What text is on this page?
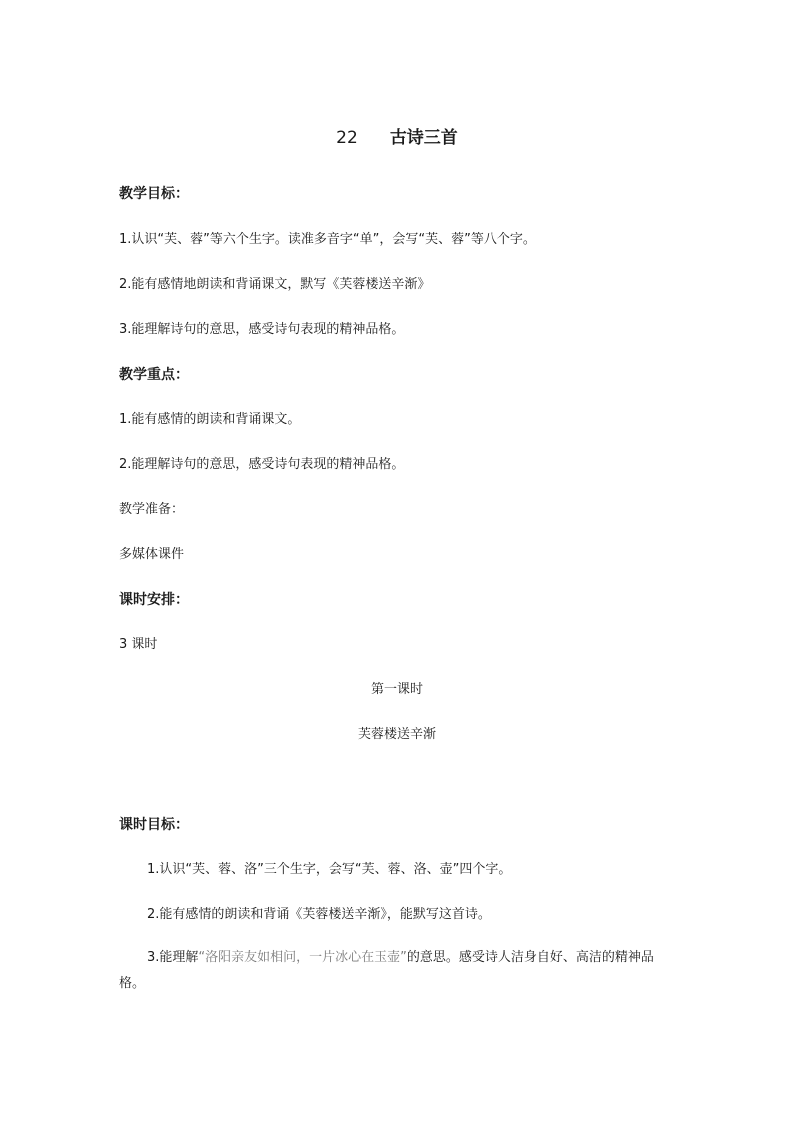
22 古诗三首
教学目标：
1.认识“芙、蓉”等六个生字。读准多音字“单”，会写“芙、蓉”等八个字。
2.能有感情地朗读和背诵课文，默写《芙蓉楼送辛渐》
3.能理解诗句的意思，感受诗句表现的精神品格。
教学重点：
1.能有感情的朗读和背诵课文。
2.能理解诗句的意思，感受诗句表现的精神品格。
教学准备：
多媒体课件
课时安排：
3 课时
第一课时
芙蓉楼送辛渐
课时目标：
1.认识“芙、蓉、洛”三个生字，会写“芙、蓉、洛、壶”四个字。
2.能有感情的朗读和背诵《芙蓉楼送辛渐》，能默写这首诗。
3.能理解“洛阳亲友如相问，一片冰心在玉壶”的意思。感受诗人洁身自好、高洁的精神品格。
